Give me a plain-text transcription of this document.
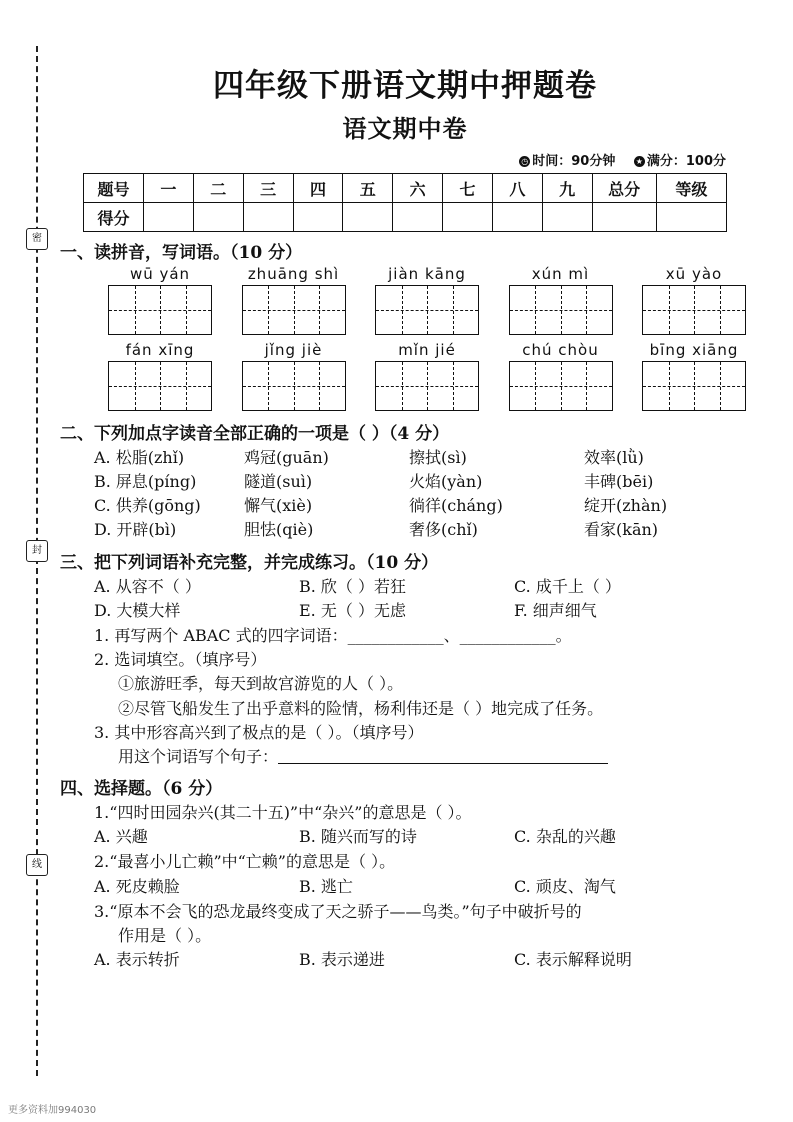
密
封
线
四年级下册语文期中押题卷
语文期中卷
◷ 时间：90分钟	★ 满分：100分
题号	一	二	三	四	五	六	七	八	九	总分	等级
得分											
一、读拼音，写词语。（10 分）
wū yán	zhuāng shì	jiàn kāng	xún mì	xū yào
fán xīng	jǐng jiè	mǐn jié	chú chòu	bīng xiāng
二、下列加点字读音全部正确的一项是（ ）（4 分）
A. 松脂(zhǐ)	鸡冠(guān)	擦拭(sì)	效率(lǜ)
B. 屏息(píng)	隧道(suì)	火焰(yàn)	丰碑(bēi)
C. 供养(gōng)	懈气(xiè)	徜徉(cháng)	绽开(zhàn)
D. 开辟(bì)	胆怯(qiè)	奢侈(chǐ)	看家(kān)
三、把下列词语补充完整，并完成练习。（10 分）
A. 从容不（ ）	B. 欣（ ）若狂	C. 成千上（ ）
D. 大模大样	E. 无（ ）无虑	F. 细声细气
1. 再写两个 ABAC 式的四字词语：____________、____________。
2. 选词填空。（填序号）
①旅游旺季，每天到故宫游览的人（ ）。
②尽管飞船发生了出乎意料的险情，杨利伟还是（ ）地完成了任务。
3. 其中形容高兴到了极点的是（ ）。（填序号）
用这个词语写个句子：
四、选择题。（6 分）
1.“四时田园杂兴(其二十五)”中“杂兴”的意思是（ ）。
A. 兴趣	B. 随兴而写的诗	C. 杂乱的兴趣
2.“最喜小儿亡赖”中“亡赖”的意思是（ ）。
A. 死皮赖脸	B. 逃亡	C. 顽皮、淘气
3.“原本不会飞的恐龙最终变成了天之骄子——鸟类。”句子中破折号的
作用是（ ）。
A. 表示转折	B. 表示递进	C. 表示解释说明
更多资料加994030
